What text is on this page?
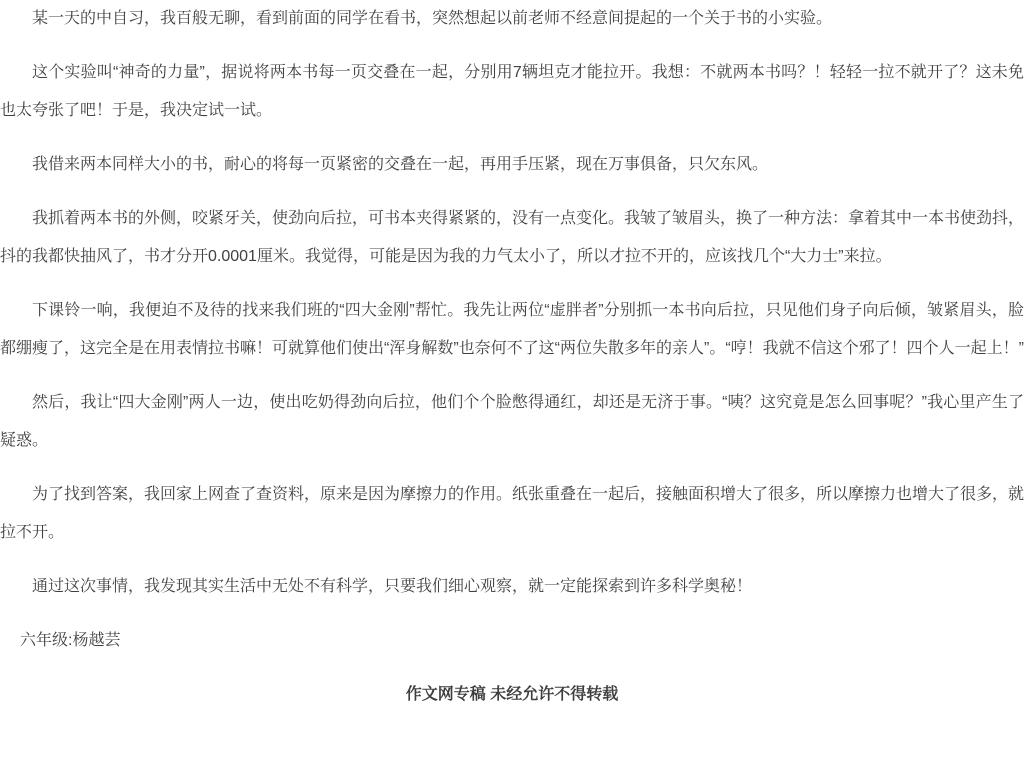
某一天的中自习，我百般无聊，看到前面的同学在看书，突然想起以前老师不经意间提起的一个关于书的小实验。

这个实验叫“神奇的力量”，据说将两本书每一页交叠在一起，分别用7辆坦克才能拉开。我想：不就两本书吗？！轻轻一拉不就开了？这未免也太夸张了吧！于是，我决定试一试。

我借来两本同样大小的书，耐心的将每一页紧密的交叠在一起，再用手压紧，现在万事俱备，只欠东风。

我抓着两本书的外侧，咬紧牙关，使劲向后拉，可书本夹得紧紧的，没有一点变化。我皱了皱眉头，换了一种方法：拿着其中一本书使劲抖，抖的我都快抽风了，书才分开0.0001厘米。我觉得，可能是因为我的力气太小了，所以才拉不开的，应该找几个“大力士”来拉。

下课铃一响，我便迫不及待的找来我们班的“四大金刚”帮忙。我先让两位“虚胖者”分别抓一本书向后拉，只见他们身子向后倾，皱紧眉头，脸都绷瘦了，这完全是在用表情拉书嘛！可就算他们使出“浑身解数”也奈何不了这“两位失散多年的亲人”。“哼！我就不信这个邪了！四个人一起上！”

然后，我让“四大金刚”两人一边，使出吃奶得劲向后拉，他们个个脸憋得通红，却还是无济于事。“咦？这究竟是怎么回事呢？”我心里产生了疑惑。

为了找到答案，我回家上网查了查资料，原来是因为摩擦力的作用。纸张重叠在一起后，接触面积增大了很多，所以摩擦力也增大了很多，就拉不开。

通过这次事情，我发现其实生活中无处不有科学，只要我们细心观察，就一定能探索到许多科学奥秘！

六年级:杨越芸

作文网专稿 未经允许不得转载
